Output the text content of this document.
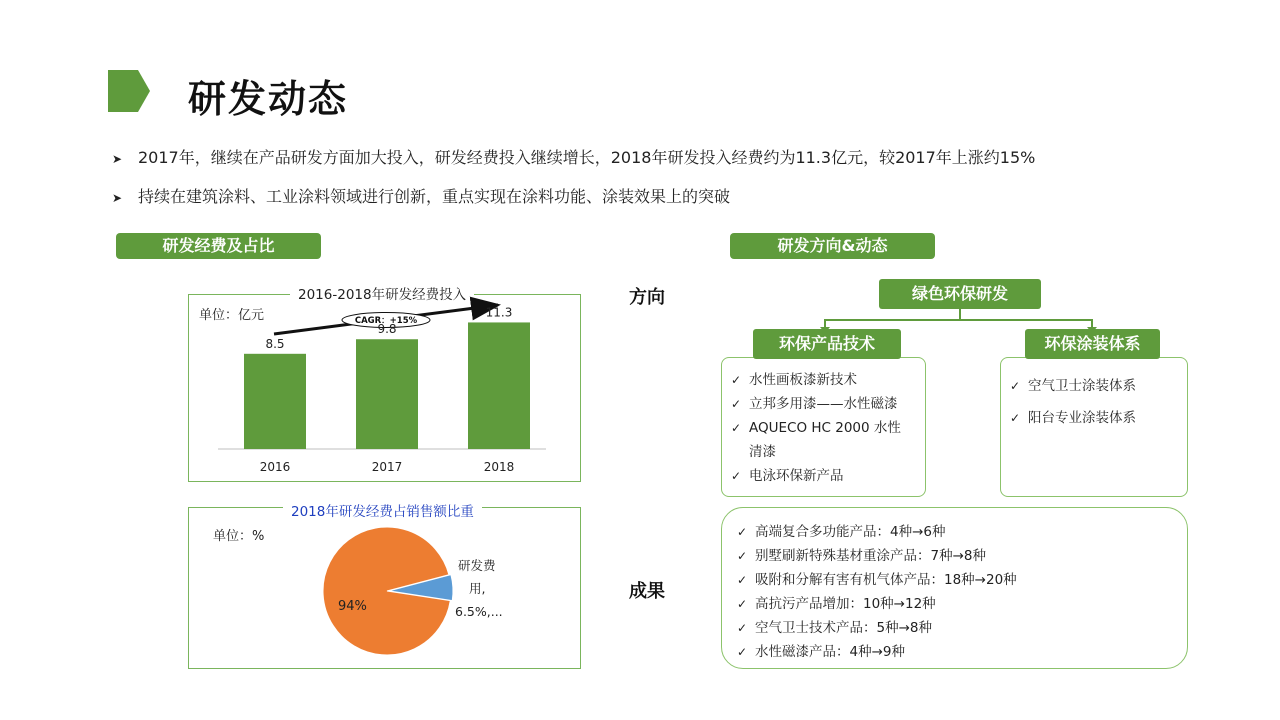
研发动态
➤ 2017年，继续在产品研发方面加大投入，研发经费投入继续增长，2018年研发投入经费约为11.3亿元，较2017年上涨约15%
➤ 持续在建筑涂料、工业涂料领域进行创新，重点实现在涂料功能、涂装效果上的突破
研发经费及占比	研发方向&动态
2016-2018年研发经费投入
单位：亿元	CAGR：+15%
8.5
2016
9.8
2017
11.3
2018
2018年研发经费占销售额比重
单位：%
研发费
用,
6.5%,...
94%
方向
成果
绿色环保研发
环保产品技术	环保涂装体系
✓ 水性画板漆新技术
✓ 立邦多用漆——水性磁漆
✓ AQUECO HC 2000 水性
清漆
✓ 电泳环保新产品
✓ 空气卫士涂装体系
✓ 阳台专业涂装体系
✓ 高端复合多功能产品：4种→6种
✓ 别墅刷新特殊基材重涂产品：7种→8种
✓ 吸附和分解有害有机气体产品：18种→20种
✓ 高抗污产品增加：10种→12种
✓ 空气卫士技术产品：5种→8种
✓ 水性磁漆产品：4种→9种
